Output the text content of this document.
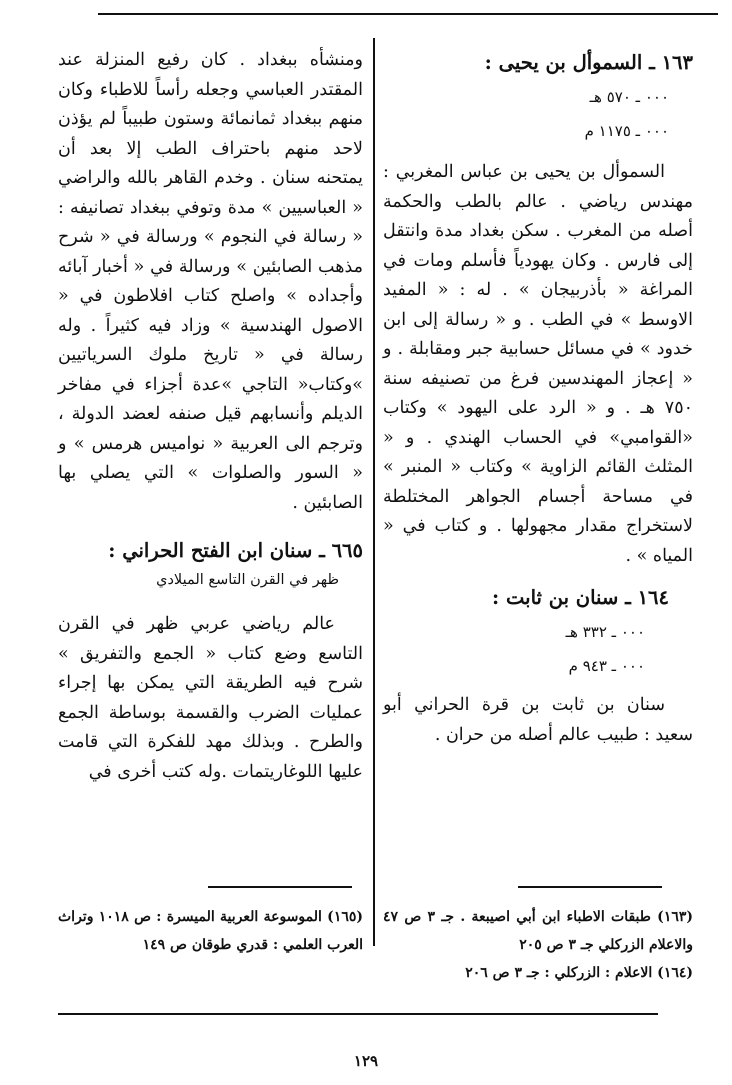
١٦٣ ـ السموأل بن يحيى :

٠٠٠ ـ ٥٧٠ هـ

٠٠٠ ـ ١١٧٥ م

السموأل بن يحيى بن عباس المغربي : مهندس رياضي . عالم بالطب والحكمة أصله من المغرب . سكن بغداد مدة وانتقل إلى فارس . وكان يهودياً فأسلم ومات في المراغة « بأذربيجان » . له : « المفيد الاوسط » في الطب . و « رسالة إلى ابن خدود » في مسائل حسابية جبر ومقابلة . و « إعجاز المهندسين فرغ من تصنيفه سنة ٧٥٠ هـ . و « الرد على اليهود » وكتاب «القوامبي» في الحساب الهندي . و « المثلث القائم الزاوية » وكتاب « المنبر » في مساحة أجسام الجواهر المختلطة لاستخراج مقدار مجهولها . و كتاب في « المياه » .

١٦٤ ـ سنان بن ثابت :

٠٠٠ ـ ٣٣٢ هـ

٠٠٠ ـ ٩٤٣ م

سنان بن ثابت بن قرة الحراني أبو سعيد : طبيب عالم أصله من حران .

(١٦٣) طبقات الاطباء ابن أبي اصيبعة . جـ ٣ ص ٤٧ والاعلام الزركلي جـ ٣ ص ٢٠٥

(١٦٤) الاعلام : الزركلي : جـ ٣ ص ٢٠٦

ومنشأه ببغداد . كان رفيع المنزلة عند المقتدر العباسي وجعله رأساً للاطباء وكان منهم ببغداد ثمانمائة وستون طبيباً لم يؤذن لاحد منهم باحتراف الطب إلا بعد أن يمتحنه سنان . وخدم القاهر بالله والراضي « العباسيين » مدة وتوفي ببغداد تصانيفه : « رسالة في النجوم » ورسالة في « شرح مذهب الصابئين » ورسالة في « أخبار آبائه وأجداده » واصلح كتاب افلاطون في « الاصول الهندسية » وزاد فيه كثيراً . وله رسالة في « تاريخ ملوك السرياتيين »وكتاب« التاجي »عدة أجزاء في مفاخر الديلم وأنسابهم قيل صنفه لعضد الدولة ، وترجم الى العربية « نواميس هرمس » و « السور والصلوات » التي يصلي بها الصابئين .

٦٦٥ ـ سنان ابن الفتح الحراني :

ظهر في القرن التاسع الميلادي

عالم رياضي عربي ظهر في القرن التاسع وضع كتاب « الجمع والتفريق » شرح فيه الطريقة التي يمكن بها إجراء عمليات الضرب والقسمة بوساطة الجمع والطرح . وبذلك مهد للفكرة التي قامت عليها اللوغاريتمات .وله كتب أخرى في

(١٦٥) الموسوعة العربية الميسرة : ص ١٠١٨ وتراث العرب العلمي : قدري طوقان ص ١٤٩

١٢٩
